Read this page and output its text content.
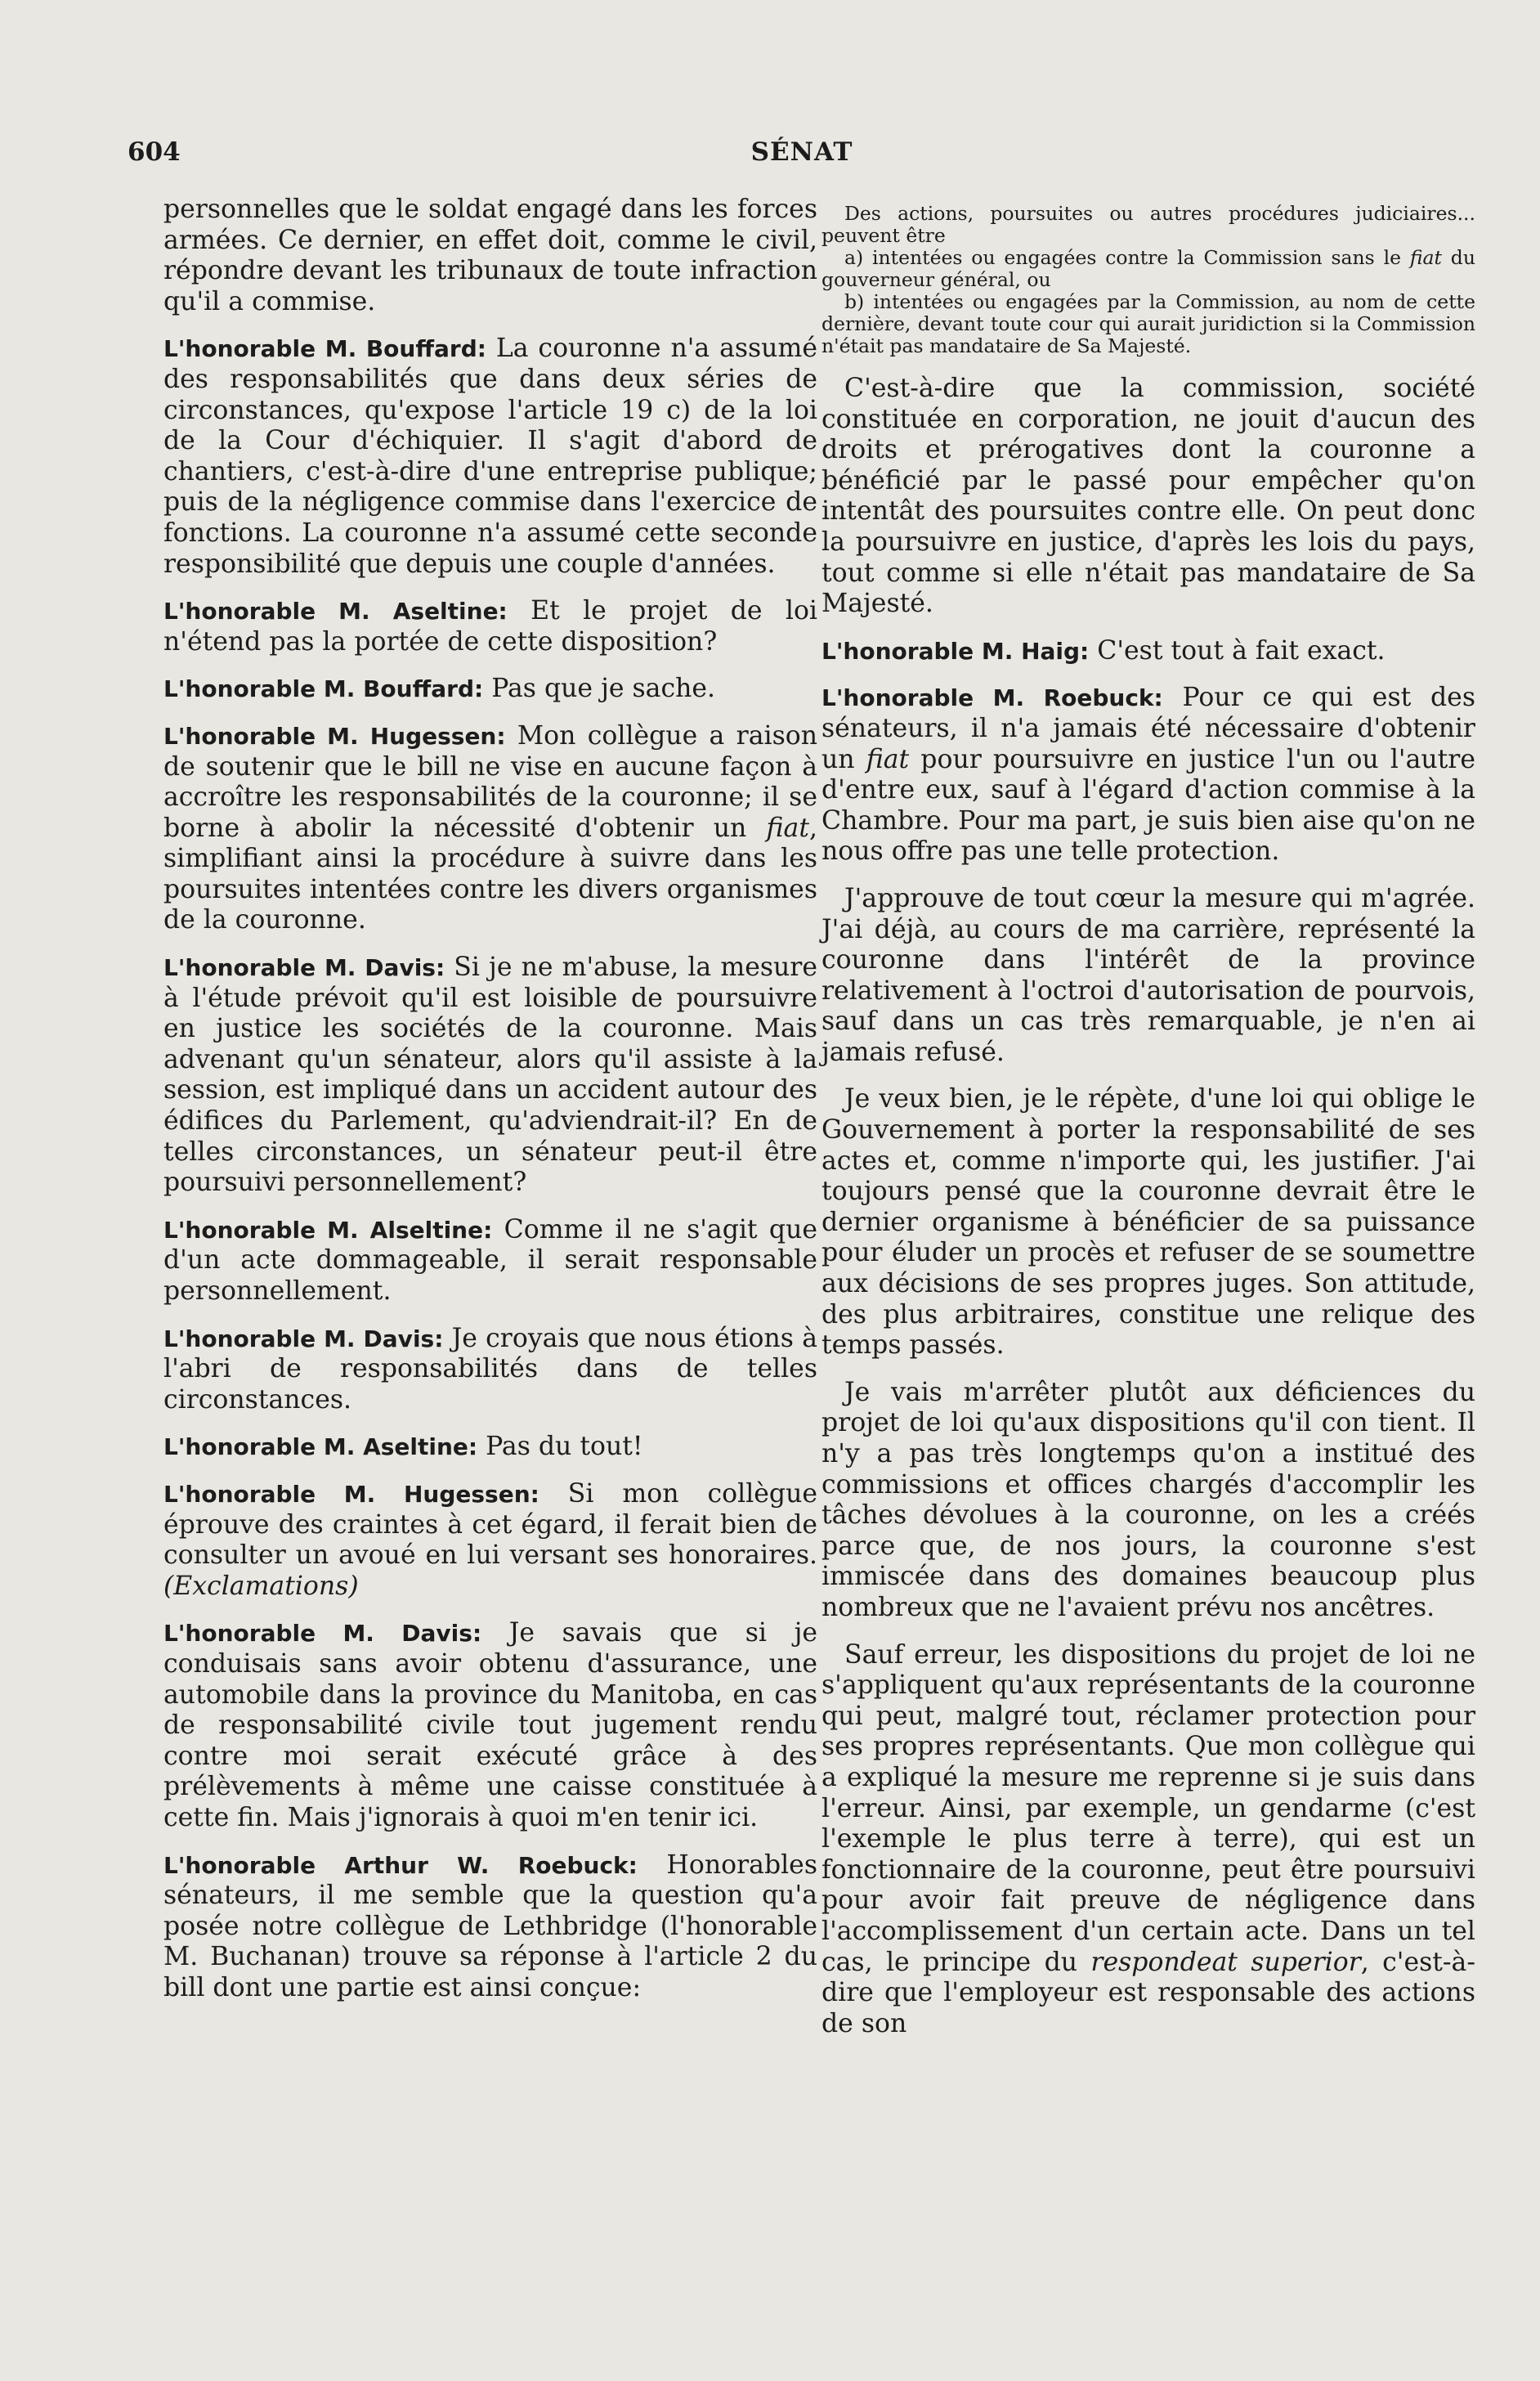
604	SÉNAT

personnelles que le soldat engagé dans les forces armées. Ce dernier, en effet doit, comme le civil, répondre devant les tribunaux de toute infraction qu'il a commise.

L'honorable M. Bouffard: La couronne n'a assumé des responsabilités que dans deux séries de circonstances, qu'expose l'article 19 c) de la loi de la Cour d'échiquier. Il s'agit d'abord de chantiers, c'est-à-dire d'une entreprise publique; puis de la négligence commise dans l'exercice de fonctions. La couronne n'a assumé cette seconde responsibilité que depuis une couple d'années.

L'honorable M. Aseltine: Et le projet de loi n'étend pas la portée de cette disposition?

L'honorable M. Bouffard: Pas que je sache.

L'honorable M. Hugessen: Mon collègue a raison de soutenir que le bill ne vise en aucune façon à accroître les responsabilités de la couronne; il se borne à abolir la nécessité d'obtenir un fiat, simplifiant ainsi la procédure à suivre dans les poursuites intentées contre les divers organismes de la couronne.

L'honorable M. Davis: Si je ne m'abuse, la mesure à l'étude prévoit qu'il est loisible de poursuivre en justice les sociétés de la couronne. Mais advenant qu'un sénateur, alors qu'il assiste à la session, est impliqué dans un accident autour des édifices du Parlement, qu'adviendrait-il? En de telles circonstances, un sénateur peut-il être poursuivi personnellement?

L'honorable M. Alseltine: Comme il ne s'agit que d'un acte dommageable, il serait responsable personnellement.

L'honorable M. Davis: Je croyais que nous étions à l'abri de responsabilités dans de telles circonstances.

L'honorable M. Aseltine: Pas du tout!

L'honorable M. Hugessen: Si mon collègue éprouve des craintes à cet égard, il ferait bien de consulter un avoué en lui versant ses honoraires. (Exclamations)

L'honorable M. Davis: Je savais que si je conduisais sans avoir obtenu d'assurance, une automobile dans la province du Manitoba, en cas de responsabilité civile tout jugement rendu contre moi serait exécuté grâce à des prélèvements à même une caisse constituée à cette fin. Mais j'ignorais à quoi m'en tenir ici.

L'honorable Arthur W. Roebuck: Honorables sénateurs, il me semble que la question qu'a posée notre collègue de Lethbridge (l'honorable M. Buchanan) trouve sa réponse à l'article 2 du bill dont une partie est ainsi conçue:

Des actions, poursuites ou autres procédures judiciaires... peuvent être
a) intentées ou engagées contre la Commission sans le fiat du gouverneur général, ou
b) intentées ou engagées par la Commission, au nom de cette dernière, devant toute cour qui aurait juridiction si la Commission n'était pas mandataire de Sa Majesté.

C'est-à-dire que la commission, société constituée en corporation, ne jouit d'aucun des droits et prérogatives dont la couronne a bénéficié par le passé pour empêcher qu'on intentât des poursuites contre elle. On peut donc la poursuivre en justice, d'après les lois du pays, tout comme si elle n'était pas mandataire de Sa Majesté.

L'honorable M. Haig: C'est tout à fait exact.

L'honorable M. Roebuck: Pour ce qui est des sénateurs, il n'a jamais été nécessaire d'obtenir un fiat pour poursuivre en justice l'un ou l'autre d'entre eux, sauf à l'égard d'action commise à la Chambre. Pour ma part, je suis bien aise qu'on ne nous offre pas une telle protection.

J'approuve de tout cœur la mesure qui m'agrée. J'ai déjà, au cours de ma carrière, représenté la couronne dans l'intérêt de la province relativement à l'octroi d'autorisation de pourvois, sauf dans un cas très remarquable, je n'en ai jamais refusé.

Je veux bien, je le répète, d'une loi qui oblige le Gouvernement à porter la responsabilité de ses actes et, comme n'importe qui, les justifier. J'ai toujours pensé que la couronne devrait être le dernier organisme à bénéficier de sa puissance pour éluder un procès et refuser de se soumettre aux décisions de ses propres juges. Son attitude, des plus arbitraires, constitue une relique des temps passés.

Je vais m'arrêter plutôt aux déficiences du projet de loi qu'aux dispositions qu'il con tient. Il n'y a pas très longtemps qu'on a institué des commissions et offices chargés d'accomplir les tâches dévolues à la couronne, on les a créés parce que, de nos jours, la couronne s'est immiscée dans des domaines beaucoup plus nombreux que ne l'avaient prévu nos ancêtres.

Sauf erreur, les dispositions du projet de loi ne s'appliquent qu'aux représentants de la couronne qui peut, malgré tout, réclamer protection pour ses propres représentants. Que mon collègue qui a expliqué la mesure me reprenne si je suis dans l'erreur. Ainsi, par exemple, un gendarme (c'est l'exemple le plus terre à terre), qui est un fonctionnaire de la couronne, peut être poursuivi pour avoir fait preuve de négligence dans l'accomplissement d'un certain acte. Dans un tel cas, le principe du respondeat superior, c'est-à-dire que l'employeur est responsable des actions de son
